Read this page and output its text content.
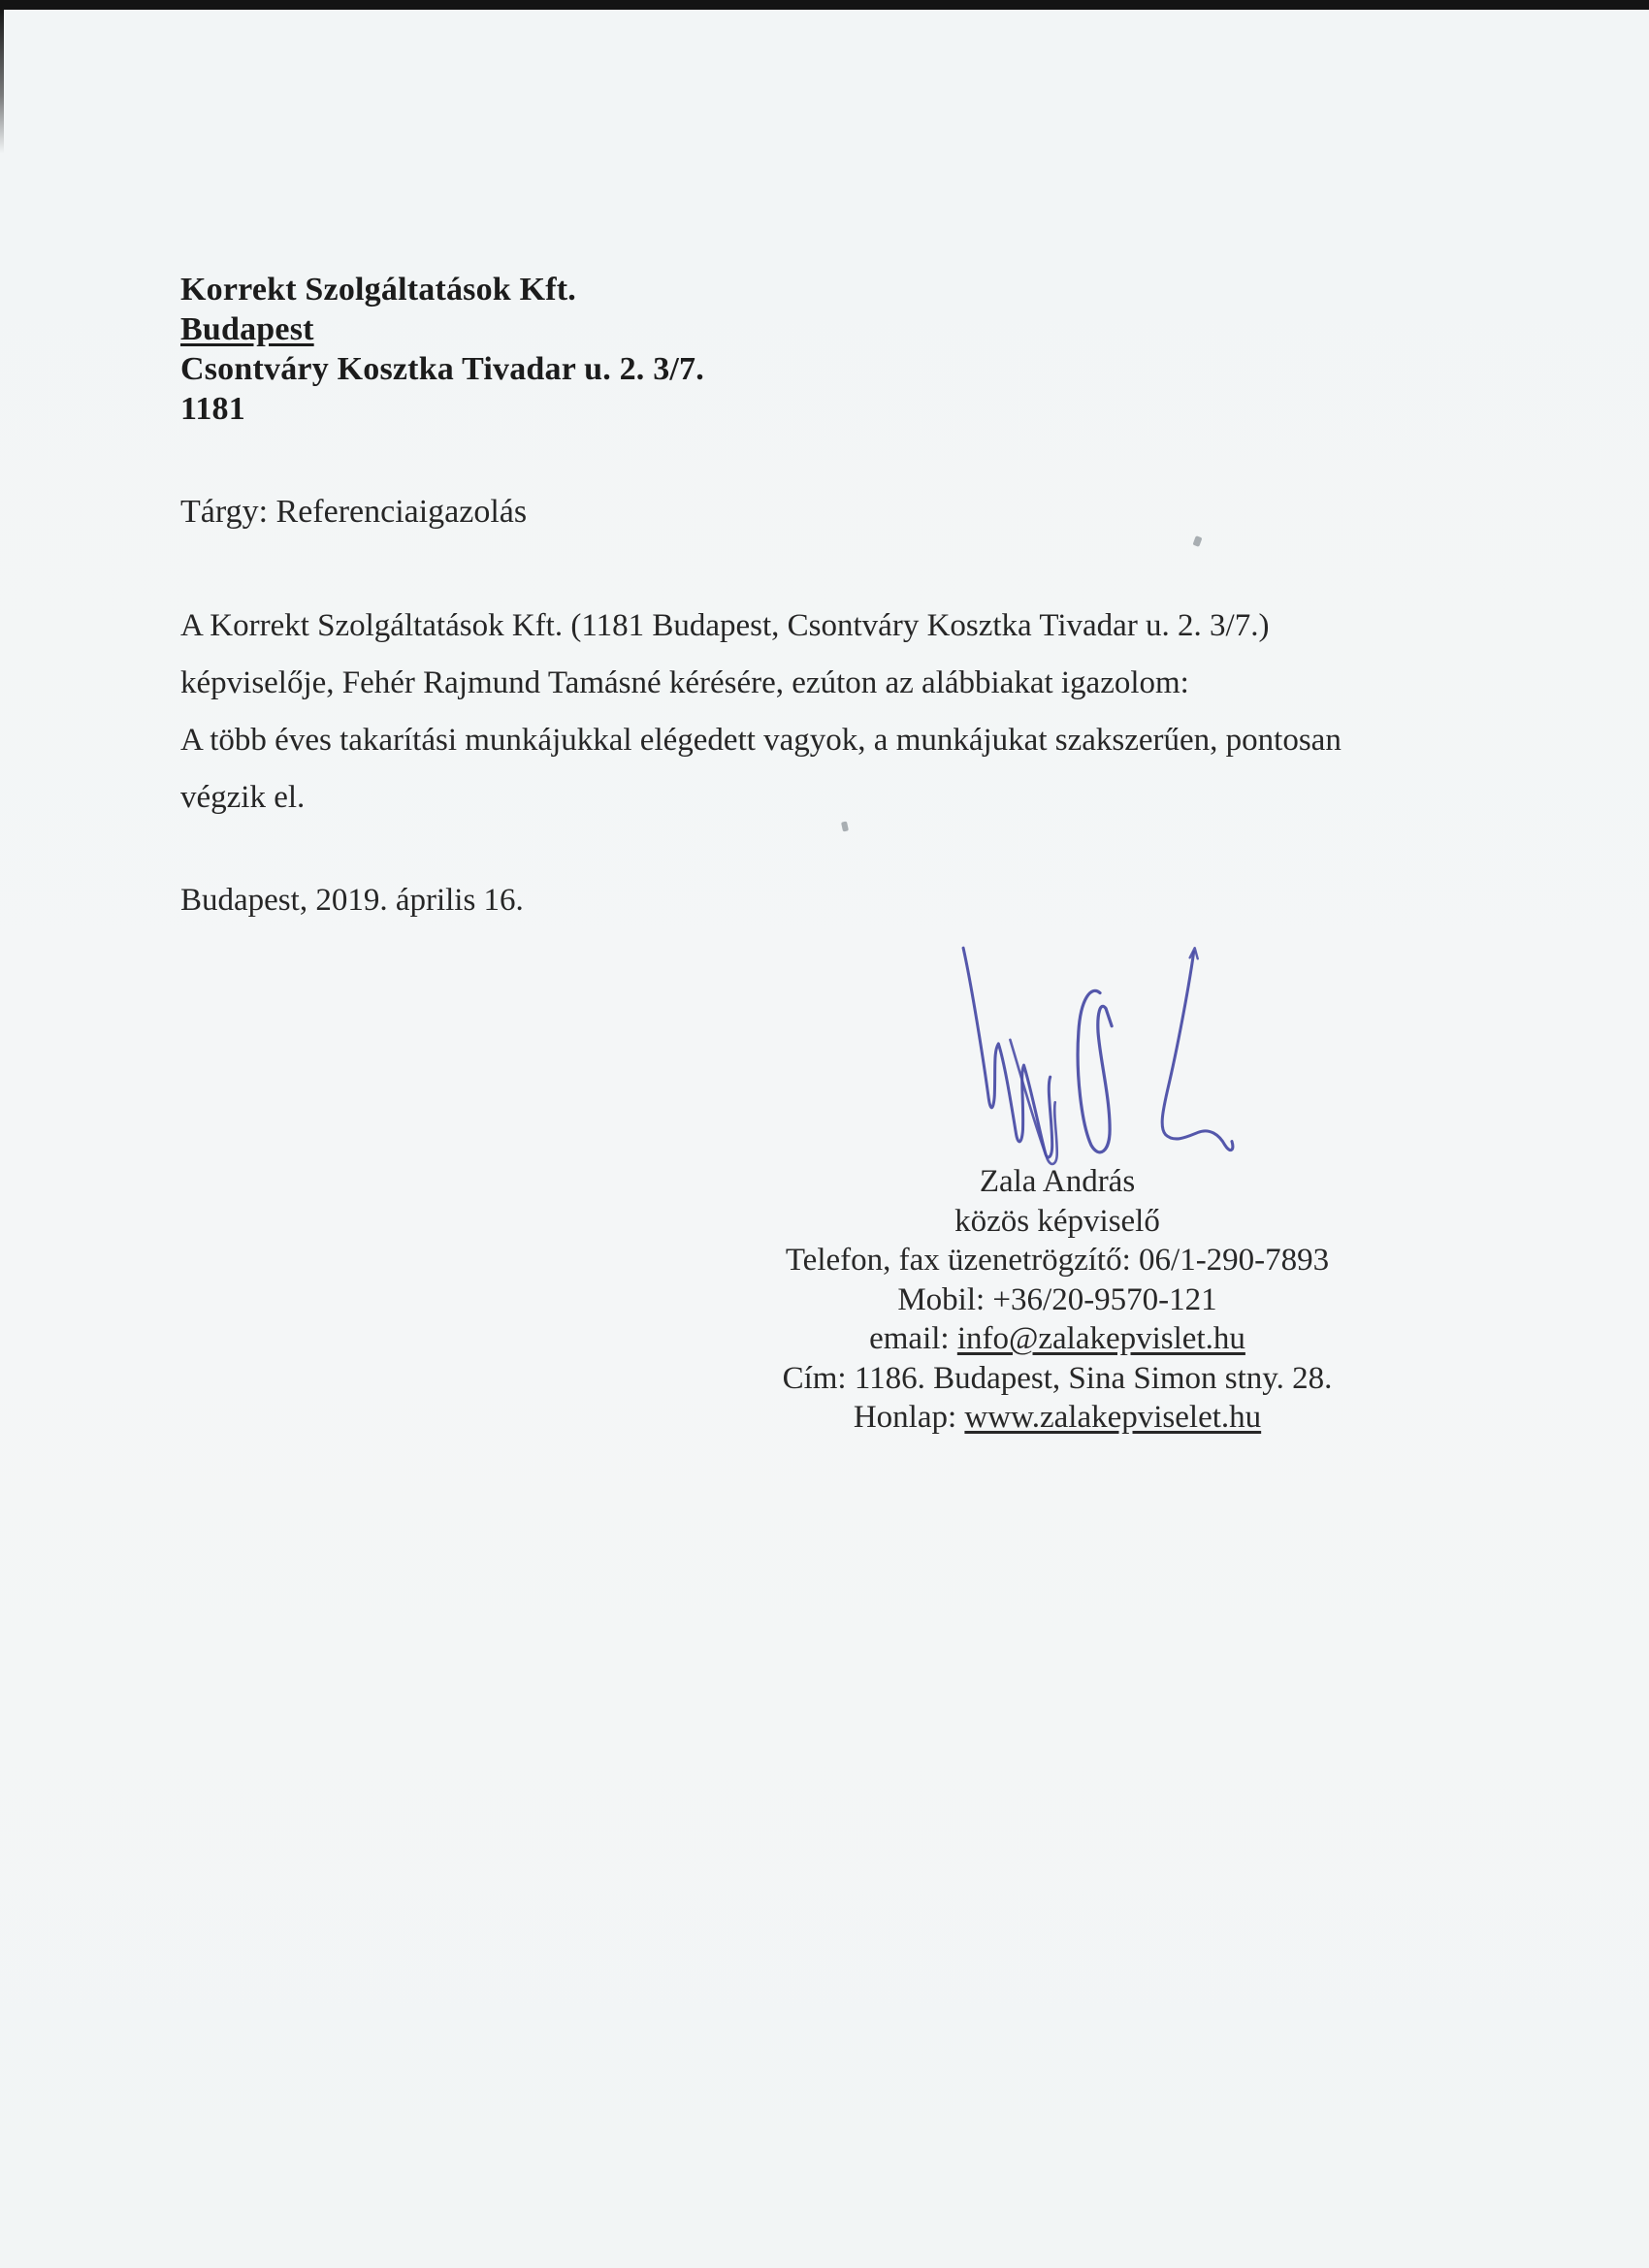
Korrekt Szolgáltatások Kft.
Budapest
Csontváry Kosztka Tivadar u. 2. 3/7.
1181
Tárgy: Referenciaigazolás
A Korrekt Szolgáltatások Kft. (1181 Budapest, Csontváry Kosztka Tivadar u. 2. 3/7.)
képviselője, Fehér Rajmund Tamásné kérésére, ezúton az alábbiakat igazolom:
A több éves takarítási munkájukkal elégedett vagyok, a munkájukat szakszerűen, pontosan
végzik el.
Budapest, 2019. április 16.
Zala András
közös képviselő
Telefon, fax üzenetrögzítő: 06/1-290-7893
Mobil: +36/20-9570-121
email: info@zalakepvislet.hu
Cím: 1186. Budapest, Sina Simon stny. 28.
Honlap: www.zalakepviselet.hu
